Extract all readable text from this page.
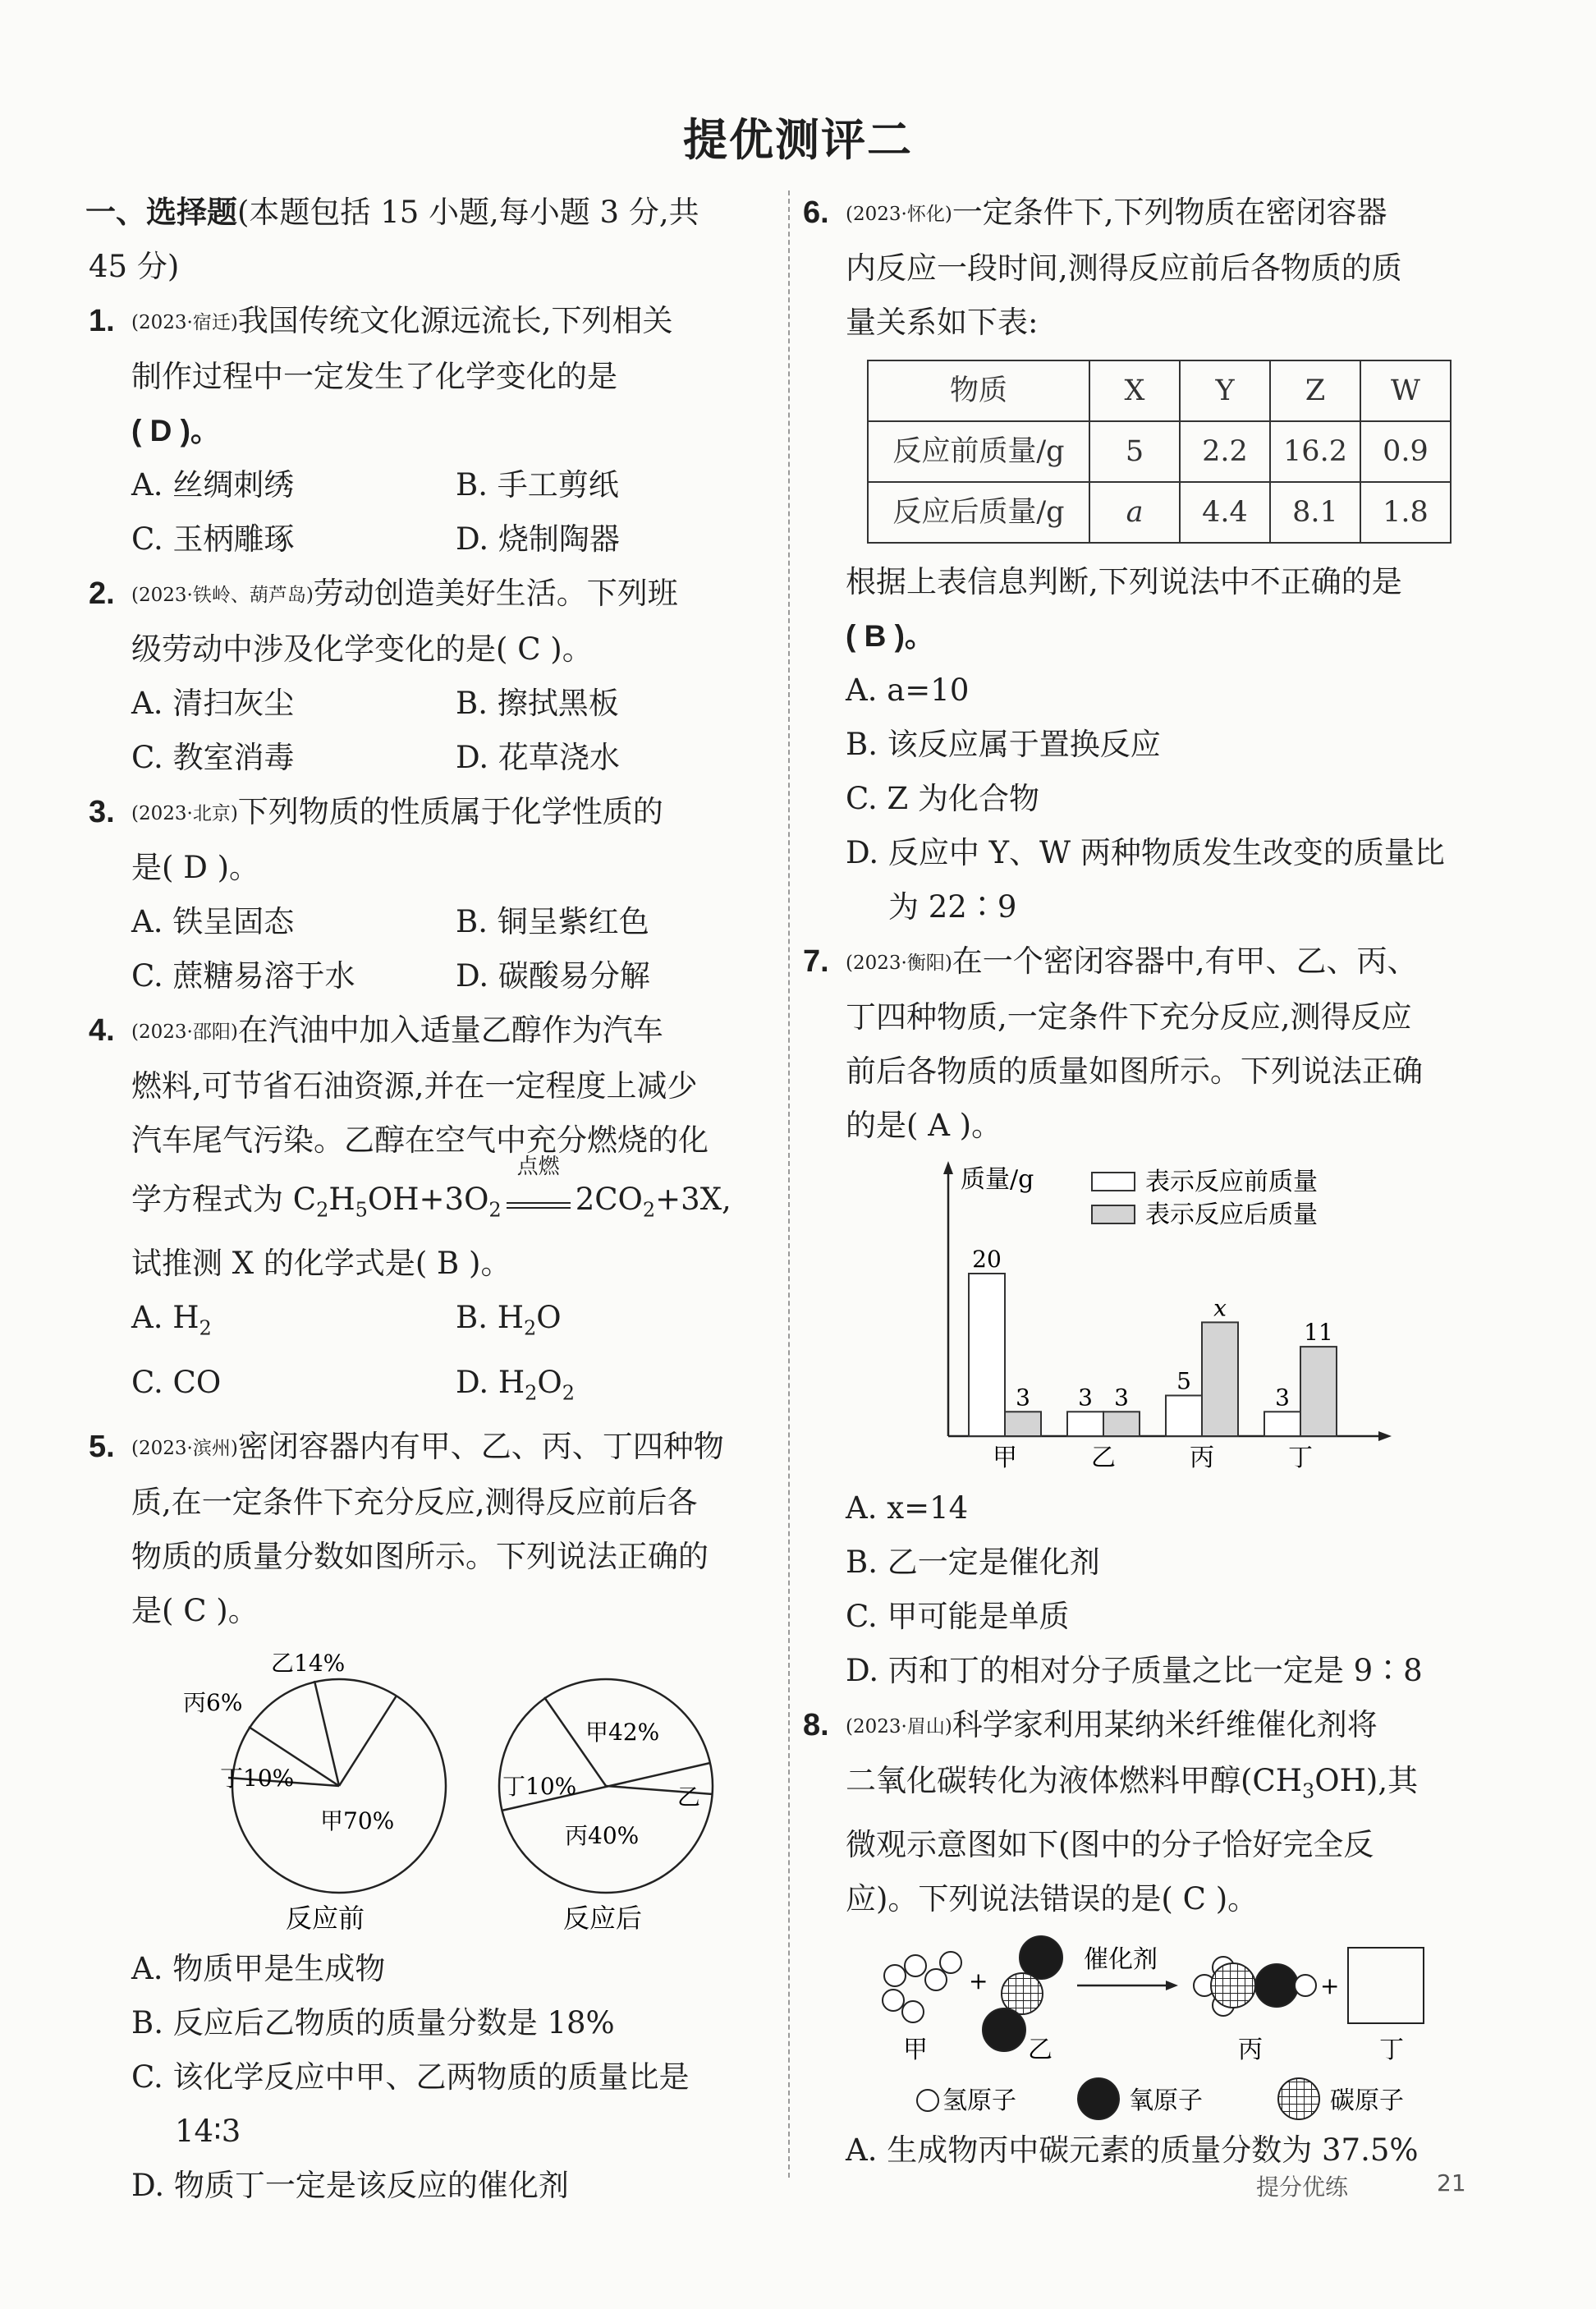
提优测评二
一、选择题(本题包括 15 小题,每小题 3 分,共
45 分)
1. (2023·宿迁)我国传统文化源远流长,下列相关
制作过程中一定发生了化学变化的是
( D )。
A. 丝绸刺绣	B. 手工剪纸
C. 玉柄雕琢	D. 烧制陶器
2. (2023·铁岭、葫芦岛)劳动创造美好生活。下列班
级劳动中涉及化学变化的是( C )。
A. 清扫灰尘	B. 擦拭黑板
C. 教室消毒	D. 花草浇水
3. (2023·北京)下列物质的性质属于化学性质的
是( D )。
A. 铁呈固态	B. 铜呈紫红色
C. 蔗糖易溶于水	D. 碳酸易分解
4. (2023·邵阳)在汽油中加入适量乙醇作为汽车
燃料,可节省石油资源,并在一定程度上减少
汽车尾气污染。乙醇在空气中充分燃烧的化
学方程式为 $C_2H_5OH+3O_2$
点燃
$2CO_2+3X$,
试推测 X 的化学式是( B )。
A. $H_2$	B. $H_2O$
C. CO	D. $H_2O_2$
5. (2023·滨州)密闭容器内有甲、乙、丙、丁四种物
质,在一定条件下充分反应,测得反应前后各
物质的质量分数如图所示。下列说法正确的
是( C )。
乙14%
丙6%
丁10%
甲70%
反应前
甲42%
丁10%	乙
丙40%
反应后
A. 物质甲是生成物
B. 反应后乙物质的质量分数是 18%
C. 该化学反应中甲、乙两物质的质量比是
14∶3
D. 物质丁一定是该反应的催化剂
6. (2023·怀化)一定条件下,下列物质在密闭容器
内反应一段时间,测得反应前后各物质的质
量关系如下表:
物质	X	Y	Z	W
反应前质量/g	5	2.2	16.2	0.9
反应后质量/g	a	4.4	8.1	1.8
根据上表信息判断,下列说法中不正确的是
( B )。
A. a=10
B. 该反应属于置换反应
C. Z 为化合物
D. 反应中 Y、W 两种物质发生改变的质量比
为 22∶9
7. (2023·衡阳)在一个密闭容器中,有甲、乙、丙、
丁四种物质,一定条件下充分反应,测得反应
前后各物质的质量如图所示。下列说法正确
的是( A )。
质量/g	表示反应前质量
表示反应后质量
20
3
甲
3 3
乙
5
x
丙
3
11
丁
A. x=14
B. 乙一定是催化剂
C. 甲可能是单质
D. 丙和丁的相对分子质量之比一定是 9∶8
8. (2023·眉山)科学家利用某纳米纤维催化剂将
二氧化碳转化为液体燃料甲醇$(CH_3OH)$,其
微观示意图如下(图中的分子恰好完全反
应)。下列说法错误的是( C )。
+
催化剂
+
甲	乙	丙	丁
氢原子	氧原子	碳原子
A. 生成物丙中碳元素的质量分数为 37.5%
提分优练	21
